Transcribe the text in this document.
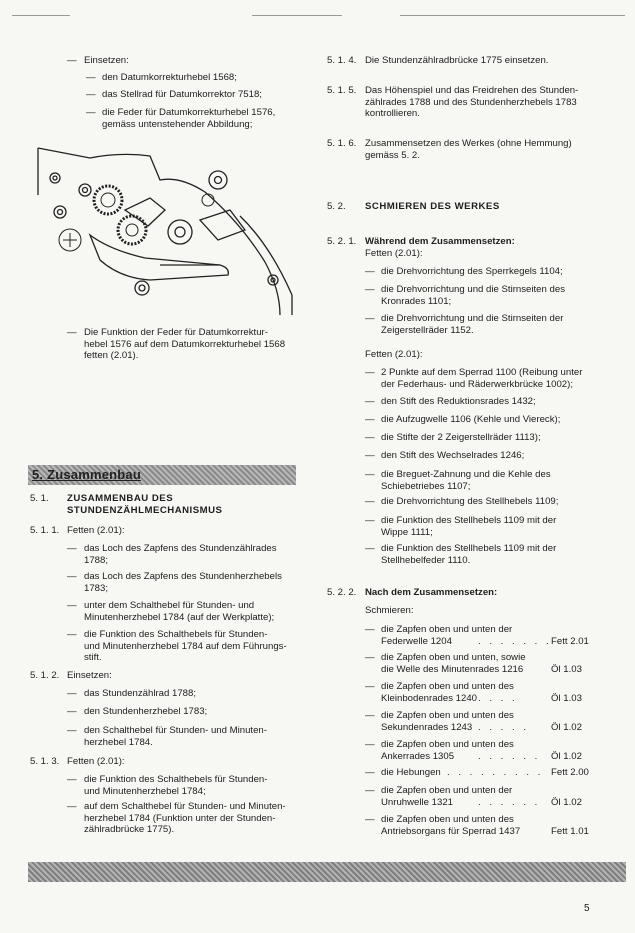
— Einsetzen:
— den Datumkorrekturhebel 1568;
— das Stellrad für Datumkorrektor 7518;
— die Feder für Datumkorrekturhebel 1576,
gemäss untenstehender Abbildung;
— Die Funktion der Feder für Datumkorrektur-
hebel 1576 auf dem Datumkorrekturhebel 1568
fetten (2.01).
5. Zusammenbau
5. 1. ZUSAMMENBAU DES
STUNDENZÄHLMECHANISMUS
5. 1. 1. Fetten (2.01):
— das Loch des Zapfens des Stundenzählrades
1788;
— das Loch des Zapfens des Stundenherzhebels
1783;
— unter dem Schalthebel für Stunden- und
Minutenherzhebel 1784 (auf der Werkplatte);
— die Funktion des Schalthebels für Stunden-
und Minutenherzhebel 1784 auf dem Führungs-
stift.
5. 1. 2. Einsetzen:
— das Stundenzählrad 1788;
— den Stundenherzhebel 1783;
— den Schalthebel für Stunden- und Minuten-
herzhebel 1784.
5. 1. 3. Fetten (2.01):
— die Funktion des Schalthebels für Stunden-
und Minutenherzhebel 1784;
— auf dem Schalthebel für Stunden- und Minuten-
herzhebel 1784 (Funktion unter der Stunden-
zählradbrücke 1775).
5. 1. 4. Die Stundenzählradbrücke 1775 einsetzen.
5. 1. 5. Das Höhenspiel und das Freidrehen des Stunden-
zählrades 1788 und des Stundenherzhebels 1783
kontrollieren.
5. 1. 6. Zusammensetzen des Werkes (ohne Hemmung)
gemäss 5. 2.
5. 2. SCHMIEREN DES WERKES
5. 2. 1. Während dem Zusammensetzen:
Fetten (2.01):
— die Drehvorrichtung des Sperrkegels 1104;
— die Drehvorrichtung und die Stirnseiten des
Kronrades 1101;
— die Drehvorrichtung und die Stirnseiten der
Zeigerstellräder 1152.
Fetten (2.01):
— 2 Punkte auf dem Sperrad 1100 (Reibung unter
der Federhaus- und Räderwerkbrücke 1002);
— den Stift des Reduktionsrades 1432;
— die Aufzugwelle 1106 (Kehle und Viereck);
— die Stifte der 2 Zeigerstellräder 1113);
— den Stift des Wechselrades 1246;
— die Breguet-Zahnung und die Kehle des
Schiebetriebes 1107;
— die Drehvorrichtung des Stellhebels 1109;
— die Funktion des Stellhebels 1109 mit der
Wippe 1111;
— die Funktion des Stellhebels 1109 mit der
Stellhebelfeder 1110.
5. 2. 2. Nach dem Zusammensetzen:
Schmieren:
— die Zapfen oben und unten der
Federwelle 1204	. . . . . . . Fett 2.01
— die Zapfen oben und unten, sowie
die Welle des Minutenrades 1216	Öl 1.03
— die Zapfen oben und unten des
Kleinbodenrades 1240 . . . .	Öl 1.03
— die Zapfen oben und unten des
Sekundenrades 1243 . . . . . Öl 1.02
— die Zapfen oben und unten des
Ankerrades 1305	. . . . . . Öl 1.02
— die Hebungen . . . . . . . . . Fett 2.00
— die Zapfen oben und unten der
Unruhwelle 1321	. . . . . . Öl 1.02
— die Zapfen oben und unten des
Antriebsorgans für Sperrad 1437	Fett 1.01
5
